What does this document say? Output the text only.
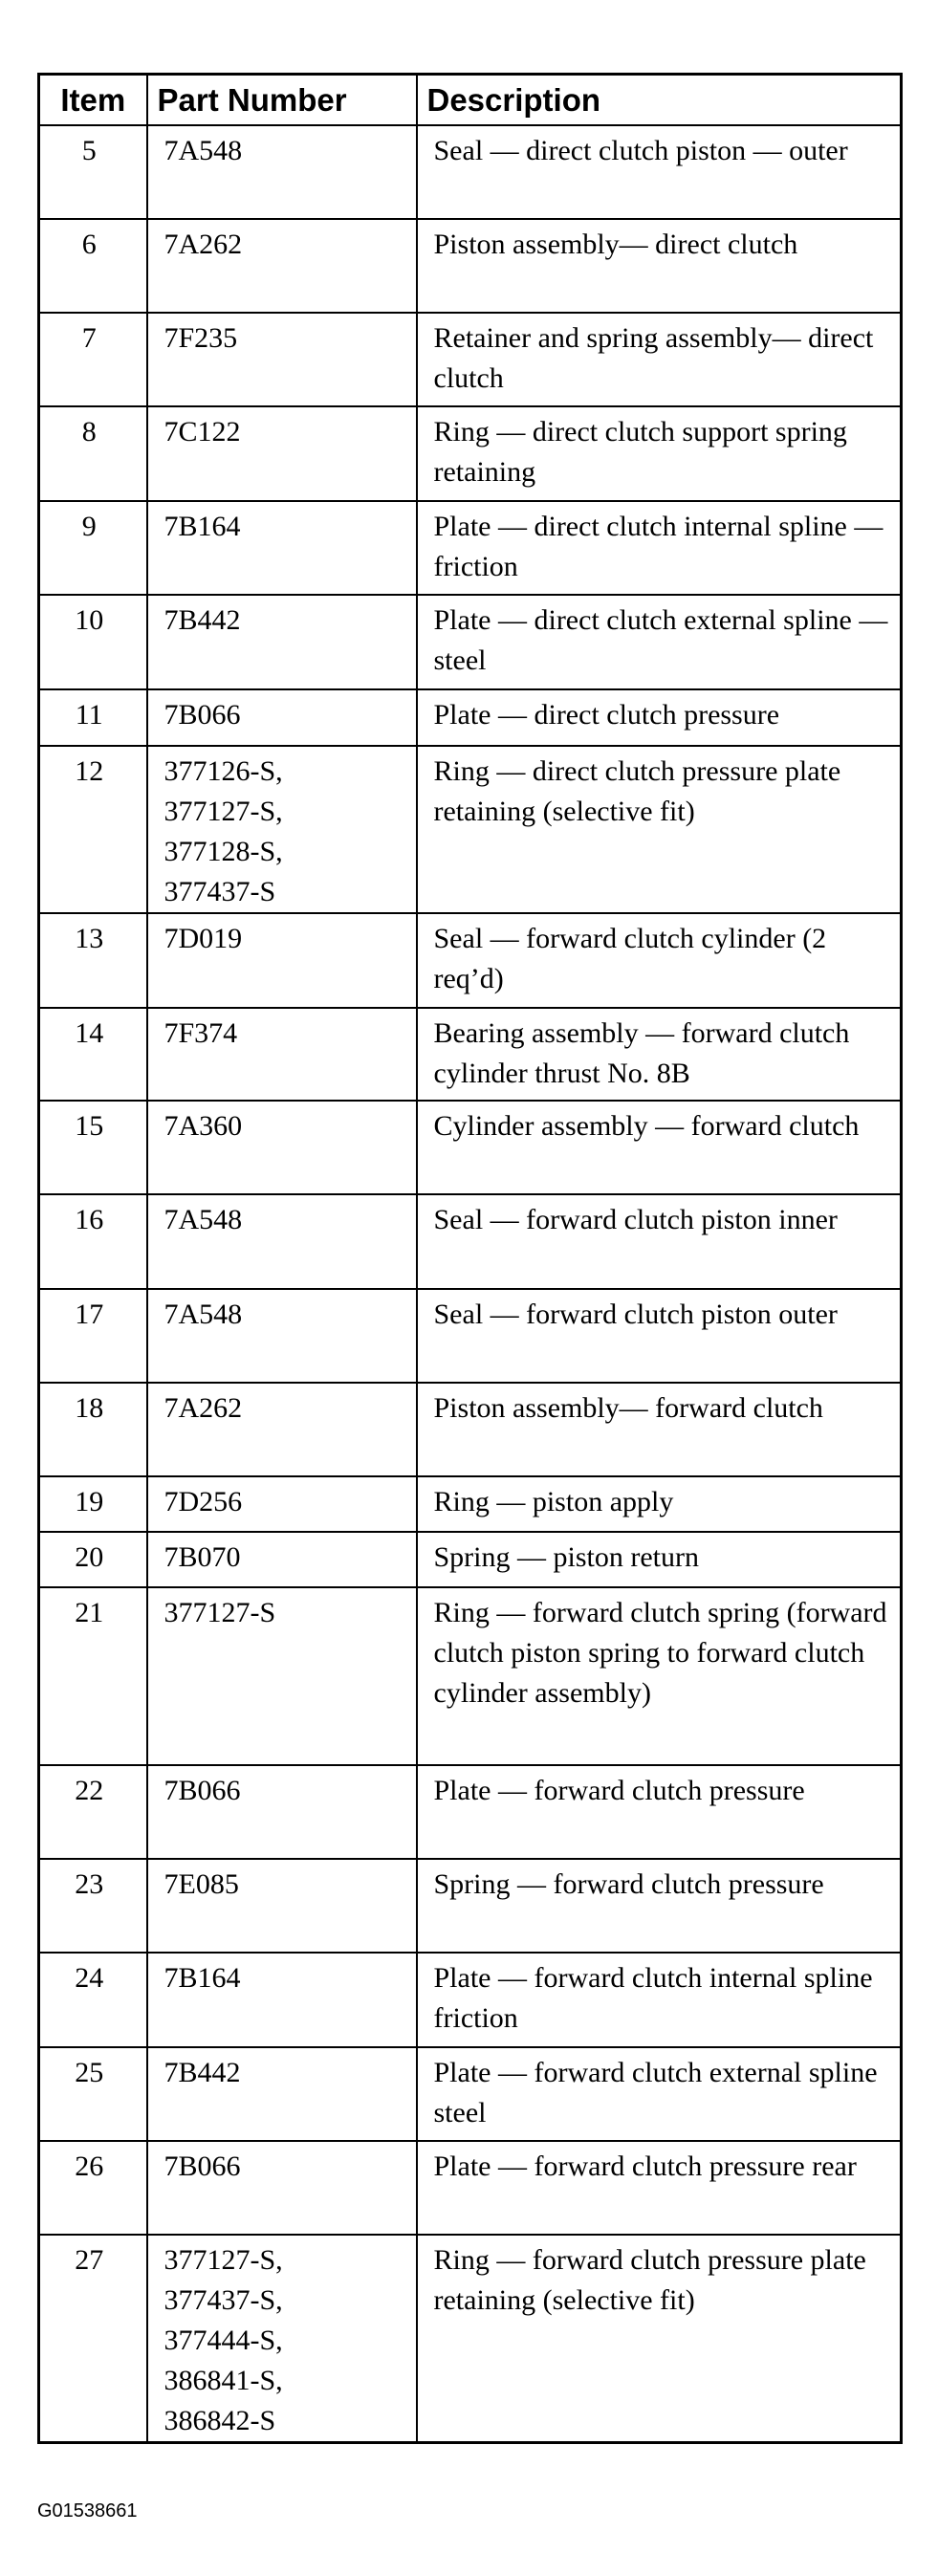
Item	Part Number	Description
5	7A548	Seal — direct clutch piston — outer
6	7A262	Piston assembly— direct clutch
7	7F235	Retainer and spring assembly— direct clutch
8	7C122	Ring — direct clutch support spring retaining
9	7B164	Plate — direct clutch internal spline — friction
10	7B442	Plate — direct clutch external spline — steel
11	7B066	Plate — direct clutch pressure
12	377126-S,
377127-S,
377128-S,
377437-S	Ring — direct clutch pressure plate retaining (selective fit)
13	7D019	Seal — forward clutch cylinder (2 req’d)
14	7F374	Bearing assembly — forward clutch cylinder thrust No. 8B
15	7A360	Cylinder assembly — forward clutch
16	7A548	Seal — forward clutch piston inner
17	7A548	Seal — forward clutch piston outer
18	7A262	Piston assembly— forward clutch
19	7D256	Ring — piston apply
20	7B070	Spring — piston return
21	377127-S	Ring — forward clutch spring (forward clutch piston spring to forward clutch cylinder assembly)
22	7B066	Plate — forward clutch pressure
23	7E085	Spring — forward clutch pressure
24	7B164	Plate — forward clutch internal spline friction
25	7B442	Plate — forward clutch external spline steel
26	7B066	Plate — forward clutch pressure rear
27	377127-S,
377437-S,
377444-S,
386841-S,
386842-S	Ring — forward clutch pressure plate retaining (selective fit)
G01538661
